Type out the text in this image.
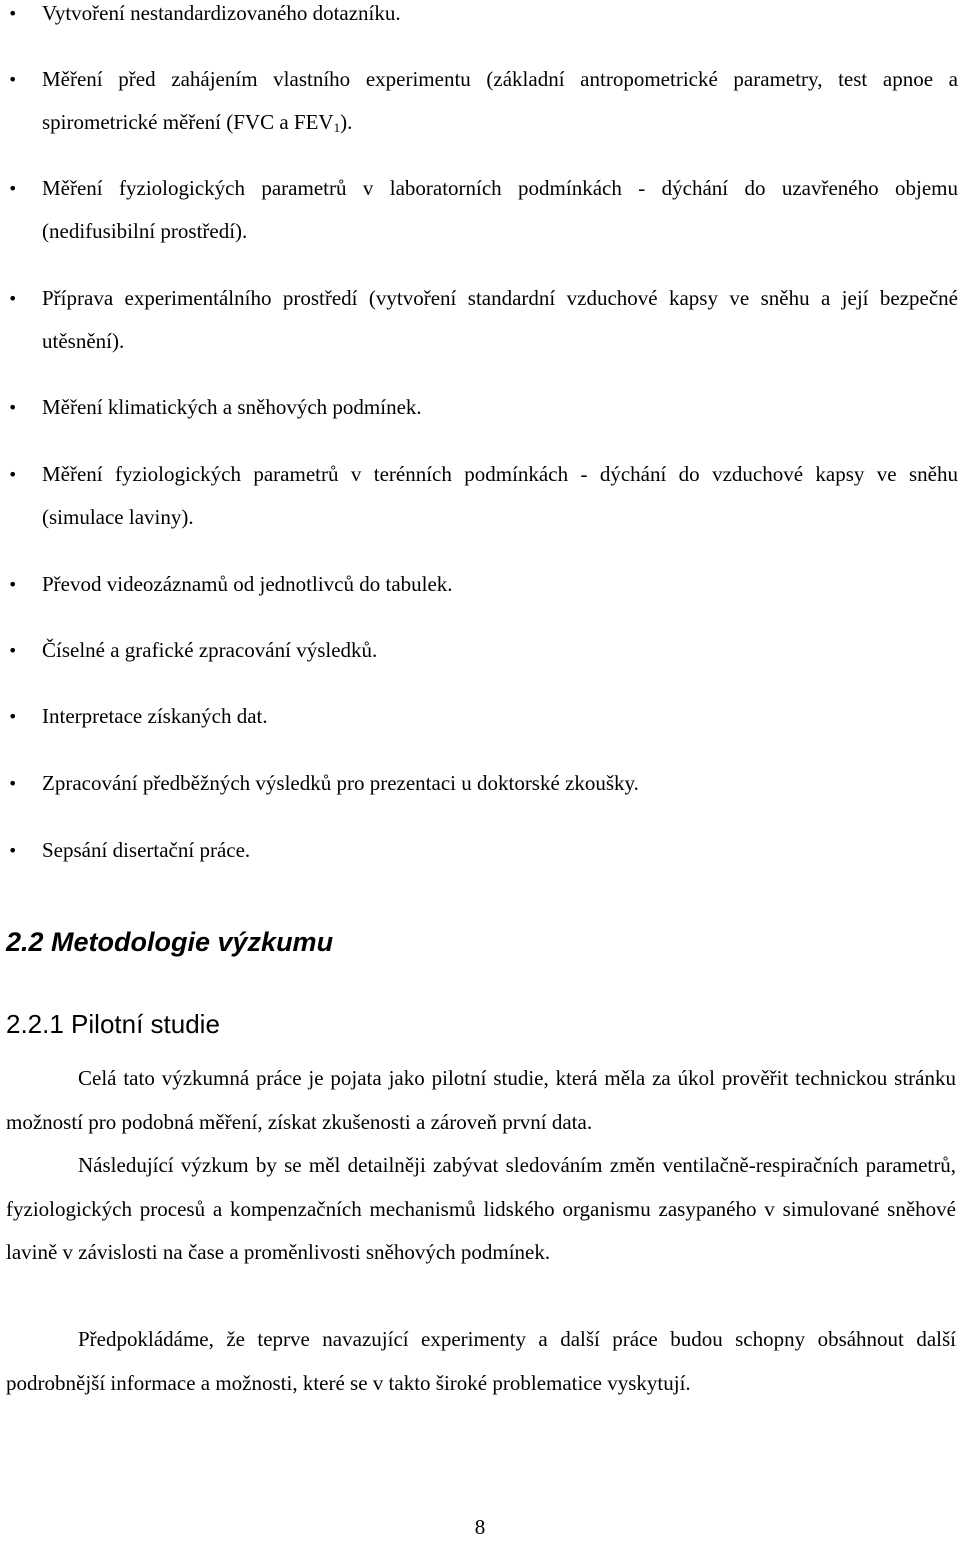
• Vytvoření nestandardizovaného dotazníku.

• Měření před zahájením vlastního experimentu (základní antropometrické parametry, test apnoe a spirometrické měření (FVC a $FEV_1$).

• Měření fyziologických parametrů v laboratorních podmínkách - dýchání do uzavřeného objemu (nedifusibilní prostředí).

• Příprava experimentálního prostředí (vytvoření standardní vzduchové kapsy ve sněhu a její bezpečné utěsnění).

• Měření klimatických a sněhových podmínek.

• Měření fyziologických parametrů v terénních podmínkách - dýchání do vzduchové kapsy ve sněhu (simulace laviny).

• Převod videozáznamů od jednotlivců do tabulek.

• Číselné a grafické zpracování výsledků.

• Interpretace získaných dat.

• Zpracování předběžných výsledků pro prezentaci u doktorské zkoušky.

• Sepsání disertační práce.

2.2 Metodologie výzkumu
2.2.1 Pilotní studie

Celá tato výzkumná práce je pojata jako pilotní studie, která měla za úkol prověřit technickou stránku možností pro podobná měření, získat zkušenosti a zároveň první data.

Následující výzkum by se měl detailněji zabývat sledováním změn ventilačně-respiračních parametrů, fyziologických procesů a kompenzačních mechanismů lidského organismu zasypaného v simulované sněhové lavině v závislosti na čase a proměnlivosti sněhových podmínek.

Předpokládáme, že teprve navazující experimenty a další práce budou schopny obsáhnout další podrobnější informace a možnosti, které se v takto široké problematice vyskytují.

8
